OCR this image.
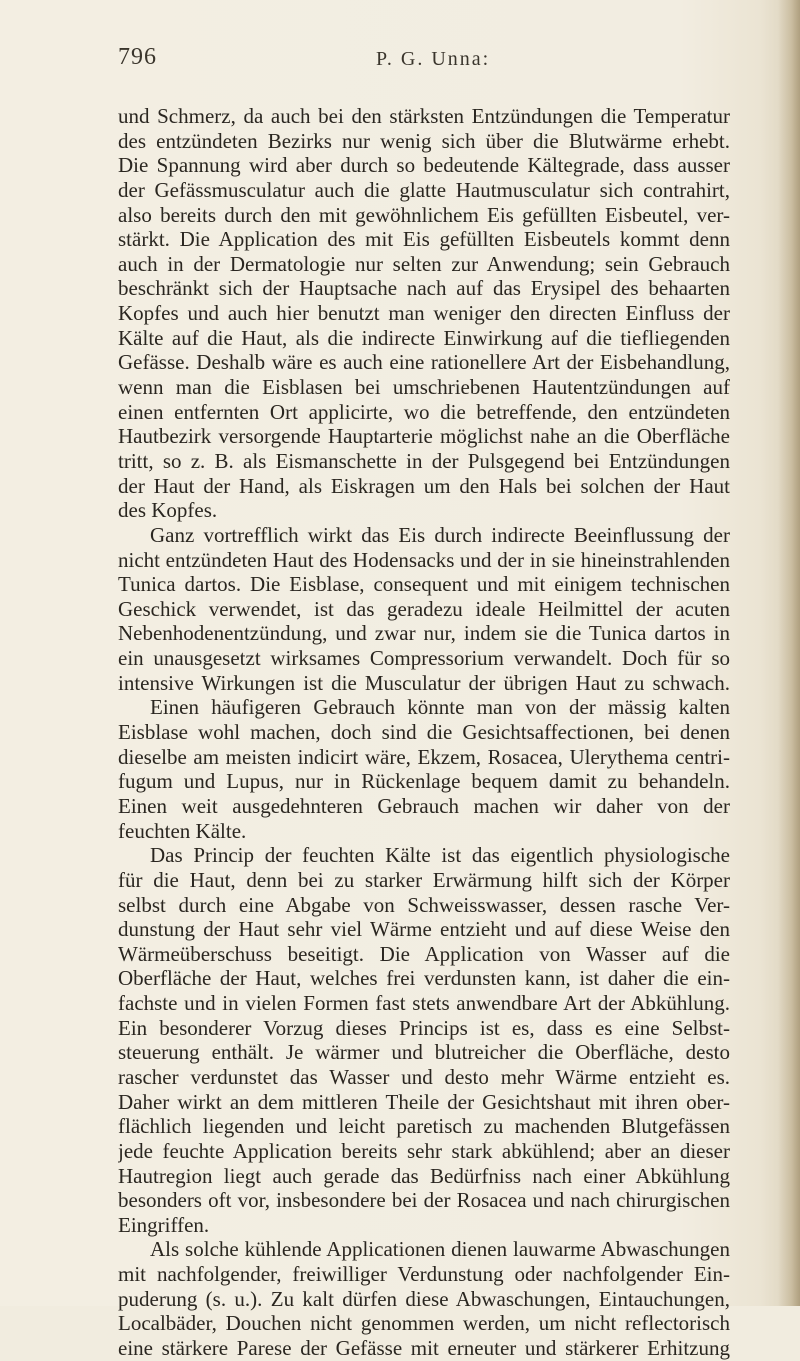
796	P. G. Unna:
und Schmerz, da auch bei den stärksten Entzündungen die Temperatur
des entzündeten Bezirks nur wenig sich über die Blutwärme erhebt.
Die Spannung wird aber durch so bedeutende Kältegrade, dass ausser
der Gefässmusculatur auch die glatte Hautmusculatur sich contrahirt,
also bereits durch den mit gewöhnlichem Eis gefüllten Eisbeutel, ver-
stärkt. Die Application des mit Eis gefüllten Eisbeutels kommt denn
auch in der Dermatologie nur selten zur Anwendung; sein Gebrauch
beschränkt sich der Hauptsache nach auf das Erysipel des behaarten
Kopfes und auch hier benutzt man weniger den directen Einfluss der
Kälte auf die Haut, als die indirecte Einwirkung auf die tiefliegenden
Gefässe. Deshalb wäre es auch eine rationellere Art der Eisbehandlung,
wenn man die Eisblasen bei umschriebenen Hautentzündungen auf
einen entfernten Ort applicirte, wo die betreffende, den entzündeten
Hautbezirk versorgende Hauptarterie möglichst nahe an die Oberfläche
tritt, so z. B. als Eismanschette in der Pulsgegend bei Entzündungen
der Haut der Hand, als Eiskragen um den Hals bei solchen der Haut
des Kopfes.
Ganz vortrefflich wirkt das Eis durch indirecte Beeinflussung der
nicht entzündeten Haut des Hodensacks und der in sie hineinstrahlenden
Tunica dartos. Die Eisblase, consequent und mit einigem technischen
Geschick verwendet, ist das geradezu ideale Heilmittel der acuten
Nebenhodenentzündung, und zwar nur, indem sie die Tunica dartos in
ein unausgesetzt wirksames Compressorium verwandelt. Doch für so
intensive Wirkungen ist die Musculatur der übrigen Haut zu schwach.
Einen häufigeren Gebrauch könnte man von der mässig kalten
Eisblase wohl machen, doch sind die Gesichtsaffectionen, bei denen
dieselbe am meisten indicirt wäre, Ekzem, Rosacea, Ulerythema centri-
fugum und Lupus, nur in Rückenlage bequem damit zu behandeln.
Einen weit ausgedehnteren Gebrauch machen wir daher von der
feuchten Kälte.
Das Princip der feuchten Kälte ist das eigentlich physiologische
für die Haut, denn bei zu starker Erwärmung hilft sich der Körper
selbst durch eine Abgabe von Schweisswasser, dessen rasche Ver-
dunstung der Haut sehr viel Wärme entzieht und auf diese Weise den
Wärmeüberschuss beseitigt. Die Application von Wasser auf die
Oberfläche der Haut, welches frei verdunsten kann, ist daher die ein-
fachste und in vielen Formen fast stets anwendbare Art der Abkühlung.
Ein besonderer Vorzug dieses Princips ist es, dass es eine Selbst-
steuerung enthält. Je wärmer und blutreicher die Oberfläche, desto
rascher verdunstet das Wasser und desto mehr Wärme entzieht es.
Daher wirkt an dem mittleren Theile der Gesichtshaut mit ihren ober-
flächlich liegenden und leicht paretisch zu machenden Blutgefässen
jede feuchte Application bereits sehr stark abkühlend; aber an dieser
Hautregion liegt auch gerade das Bedürfniss nach einer Abkühlung
besonders oft vor, insbesondere bei der Rosacea und nach chirurgischen
Eingriffen.
Als solche kühlende Applicationen dienen lauwarme Abwaschungen
mit nachfolgender, freiwilliger Verdunstung oder nachfolgender Ein-
puderung (s. u.). Zu kalt dürfen diese Abwaschungen, Eintauchungen,
Localbäder, Douchen nicht genommen werden, um nicht reflectorisch
eine stärkere Parese der Gefässe mit erneuter und stärkerer Erhitzung
